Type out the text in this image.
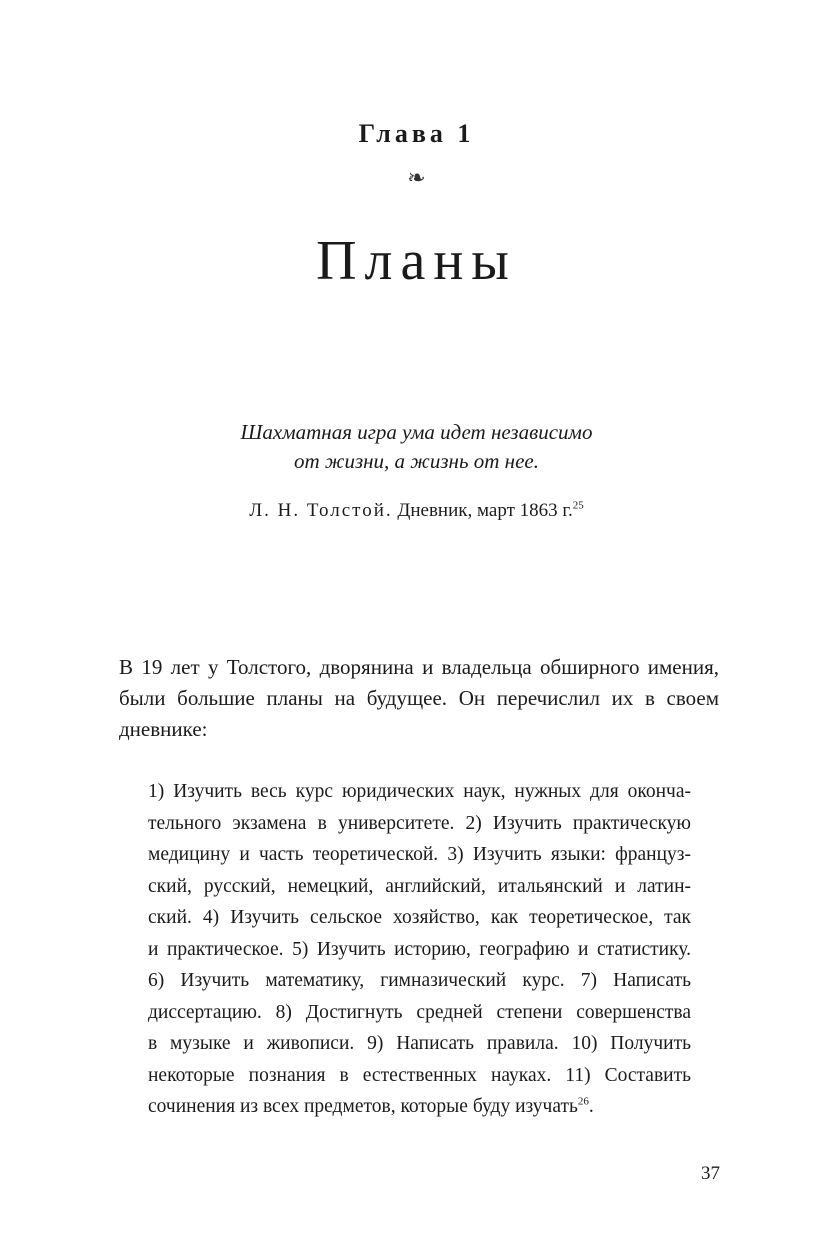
Глава 1
❧
Планы
Шахматная игра ума идет независимо
от жизни, а жизнь от нее.
Л. Н. Толстой. Дневник, март 1863 г.$^{25}$
В 19 лет у Толстого, дворянина и владельца обширного имения,
были большие планы на будущее. Он перечислил их в своем
дневнике:
1) Изучить весь курс юридических наук, нужных для оконча-
тельного экзамена в университете. 2) Изучить практическую
медицину и часть теоретической. 3) Изучить языки: француз-
ский, русский, немецкий, английский, итальянский и латин-
ский. 4) Изучить сельское хозяйство, как теоретическое, так
и практическое. 5) Изучить историю, географию и статистику.
6) Изучить математику, гимназический курс. 7) Написать
диссертацию. 8) Достигнуть средней степени совершенства
в музыке и живописи. 9) Написать правила. 10) Получить
некоторые познания в естественных науках. 11) Составить
сочинения из всех предметов, которые буду изучать$^{26}$.
37
